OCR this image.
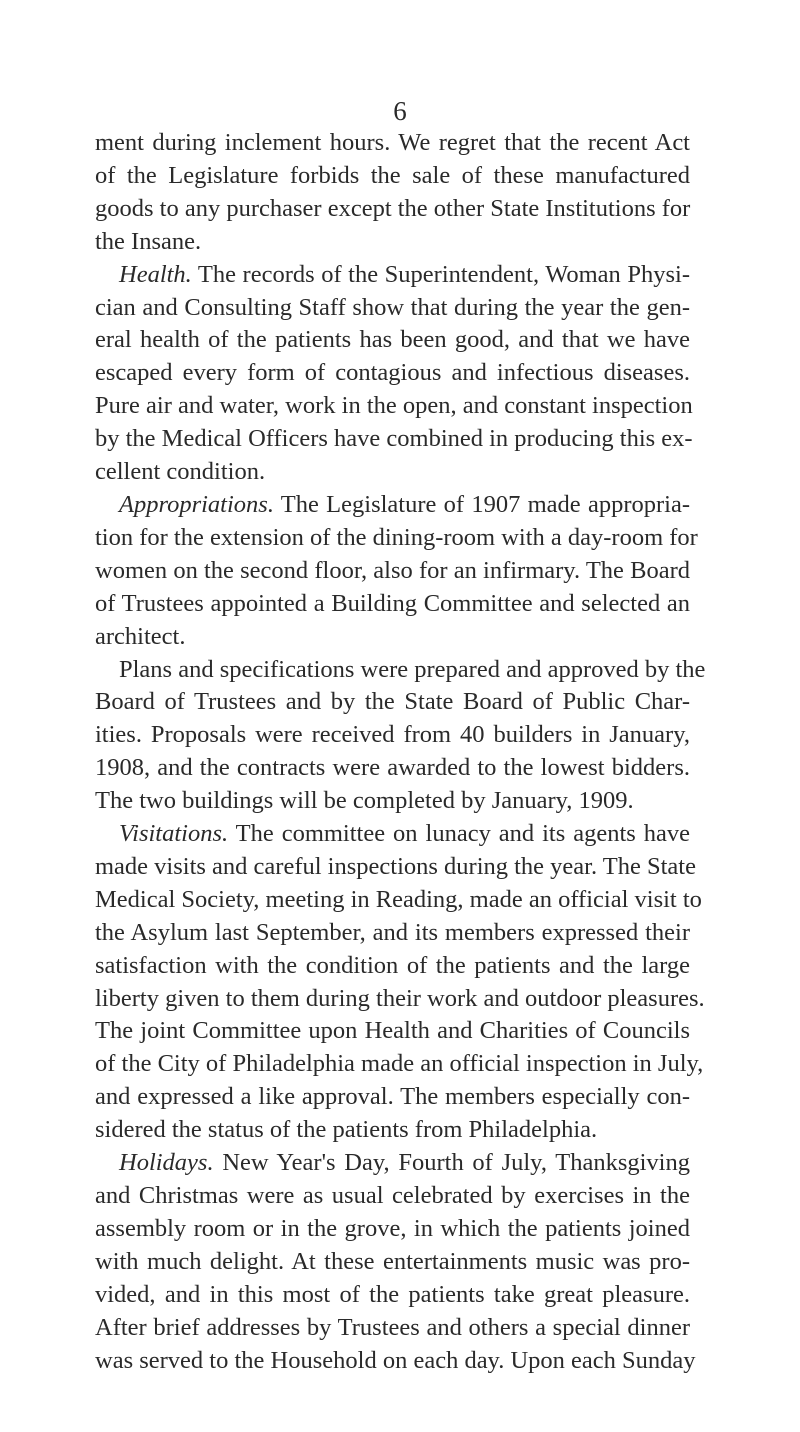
6
ment during inclement hours. We regret that the recent Act
of the Legislature forbids the sale of these manufactured
goods to any purchaser except the other State Institutions for
the Insane.
Health. The records of the Superintendent, Woman Physi-
cian and Consulting Staff show that during the year the gen-
eral health of the patients has been good, and that we have
escaped every form of contagious and infectious diseases.
Pure air and water, work in the open, and constant inspection
by the Medical Officers have combined in producing this ex-
cellent condition.
Appropriations. The Legislature of 1907 made appropria-
tion for the extension of the dining-room with a day-room for
women on the second floor, also for an infirmary. The Board
of Trustees appointed a Building Committee and selected an
architect.
Plans and specifications were prepared and approved by the
Board of Trustees and by the State Board of Public Char-
ities. Proposals were received from 40 builders in January,
1908, and the contracts were awarded to the lowest bidders.
The two buildings will be completed by January, 1909.
Visitations. The committee on lunacy and its agents have
made visits and careful inspections during the year. The State
Medical Society, meeting in Reading, made an official visit to
the Asylum last September, and its members expressed their
satisfaction with the condition of the patients and the large
liberty given to them during their work and outdoor pleasures.
The joint Committee upon Health and Charities of Councils
of the City of Philadelphia made an official inspection in July,
and expressed a like approval. The members especially con-
sidered the status of the patients from Philadelphia.
Holidays. New Year's Day, Fourth of July, Thanksgiving
and Christmas were as usual celebrated by exercises in the
assembly room or in the grove, in which the patients joined
with much delight. At these entertainments music was pro-
vided, and in this most of the patients take great pleasure.
After brief addresses by Trustees and others a special dinner
was served to the Household on each day. Upon each Sunday
